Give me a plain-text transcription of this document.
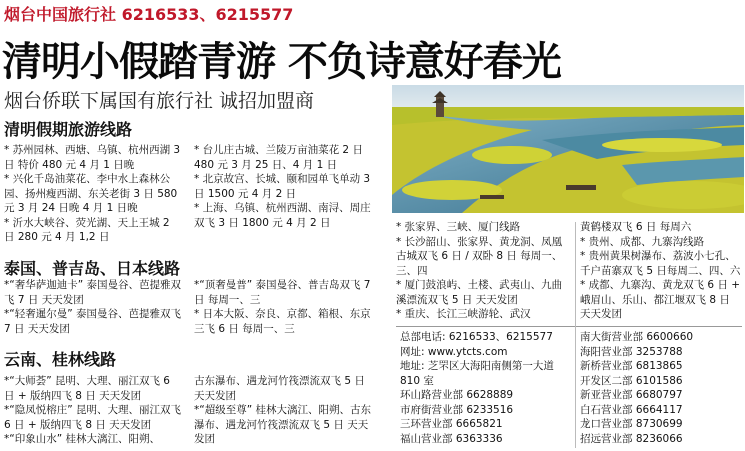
烟台中国旅行社 6216533、6215577
清明小假踏青游 不负诗意好春光
烟台侨联下属国有旅行社 诚招加盟商
清明假期旅游线路
* 苏州园林、西塘、乌镇、杭州西湖 3 日 特价 480 元 4 月 1 日晚
* 兴化千岛油菜花、李中水上森林公园、扬州瘦西湖、东关老街 3 日 580 元 3 月 24 日晚 4 月 1 日晚
* 沂水大峡谷、荧光湖、天上王城 2 日 280 元 4 月 1,2 日
* 台儿庄古城、兰陵万亩油菜花 2 日 480 元 3 月 25 日、4 月 1 日
* 北京故宫、长城、颐和园单飞单动 3 日 1500 元 4 月 2 日
* 上海、乌镇、杭州西湖、南浔、周庄双飞 3 日 1800 元 4 月 2 日
泰国、普吉岛、日本线路
*“奢华萨迦迪卡” 泰国曼谷、芭提雅双飞 7 日 天天发团
*“轻奢暹尔曼” 泰国曼谷、芭提雅双飞 7 日 天天发团
*“顶奢曼普” 泰国曼谷、普吉岛双飞 7 日 每周一、三
* 日本大阪、奈良、京都、箱根、东京三飞 6 日 每周一、三
云南、桂林线路
*“大师荟” 昆明、大理、丽江双飞 6 日 + 版纳四飞 8 日 天天发团
*“隐凤悦榕庄” 昆明、大理、丽江双飞 6 日 + 版纳四飞 8 日 天天发团
*“印象山水” 桂林大漓江、阳朔、
古东瀑布、遇龙河竹筏漂流双飞 5 日 天天发团
*“超级至尊” 桂林大漓江、阳朔、古东瀑布、遇龙河竹筏漂流双飞 5 日 天天发团
* 张家界、三峡、厦门线路
* 长沙韶山、张家界、黄龙洞、凤凰古城双飞 6 日 / 双卧 8 日 每周一、三、四
* 厦门鼓浪屿、土楼、武夷山、九曲溪漂流双飞 5 日 天天发团
* 重庆、长江三峡游轮、武汉
黄鹤楼双飞 6 日 每周六
* 贵州、成都、九寨沟线路
* 贵州黄果树瀑布、荔波小七孔、千户苗寨双飞 5 日每周二、四、六
* 成都、九寨沟、黄龙双飞 6 日 + 峨眉山、乐山、都江堰双飞 8 日 天天发团
总部电话: 6216533、6215577
网址: www.ytcts.com
地址: 芝罘区大海阳南侧第一大道 810 室
环山路营业部 6628889
市府街营业部 6233516
三环营业部 6665821
福山营业部 6363336
南大街营业部 6600660
海阳营业部 3253788
新桥营业部 6813865
开发区二部 6101586
新亚营业部 6680797
白石营业部 6664117
龙口营业部 8730699
招远营业部 8236066
